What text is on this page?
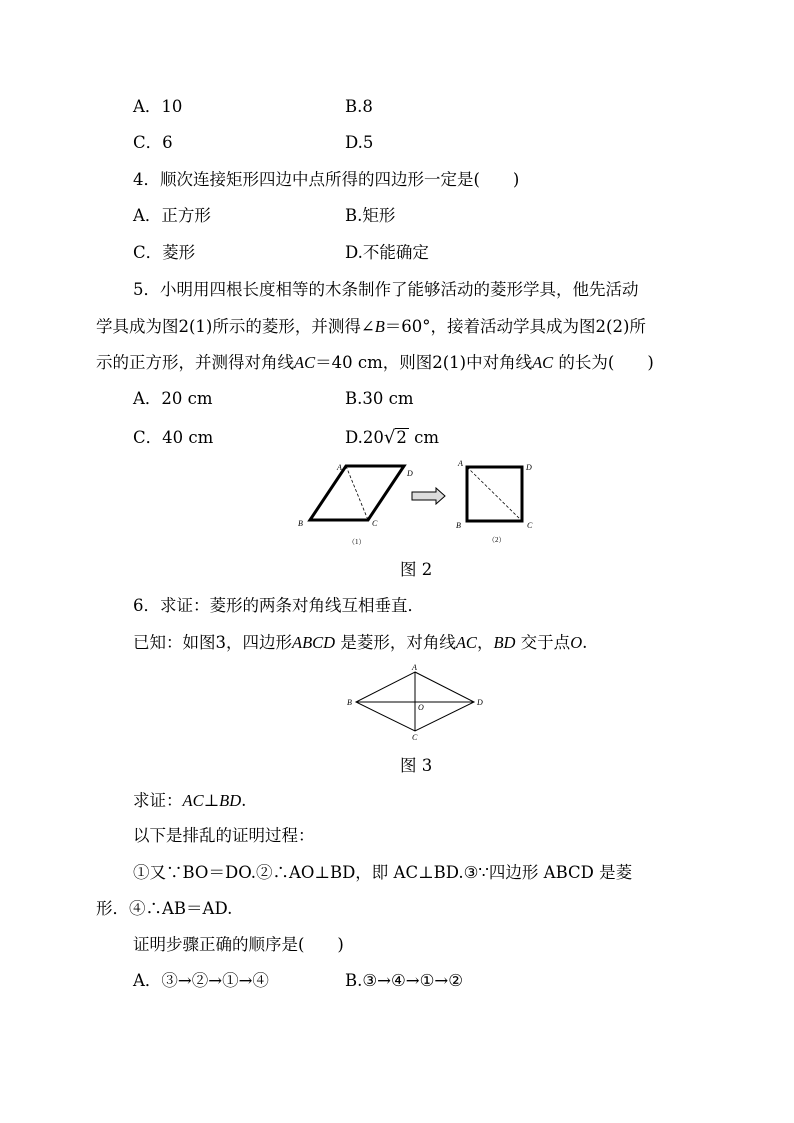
A．10	B.8
C．6	D.5
4．顺次连接矩形四边中点所得的四边形一定是(　　)
A．正方形	B.矩形
C．菱形	D.不能确定
5．小明用四根长度相等的木条制作了能够活动的菱形学具，他先活动
学具成为图2(1)所示的菱形，并测得∠B＝60°，接着活动学具成为图2(2)所
示的正方形，并测得对角线AC＝40 cm，则图2(1)中对角线AC 的长为(　　)
A．20 cm	B.30 cm
C．40 cm	D.20√2 cm
A
D
B	C
（1）
A	D
B	C
（2）
图 2
6．求证：菱形的两条对角线互相垂直．
已知：如图3，四边形ABCD 是菱形，对角线AC，BD 交于点O.
A
B
C
D
O
图 3
求证：AC⊥BD.
以下是排乱的证明过程：
①又∵BO＝DO.②∴AO⊥BD，即 AC⊥BD.③∵四边形 ABCD 是菱
形．④∴AB＝AD.
证明步骤正确的顺序是(　　)
A．③→②→①→④	B.③→④→①→②
